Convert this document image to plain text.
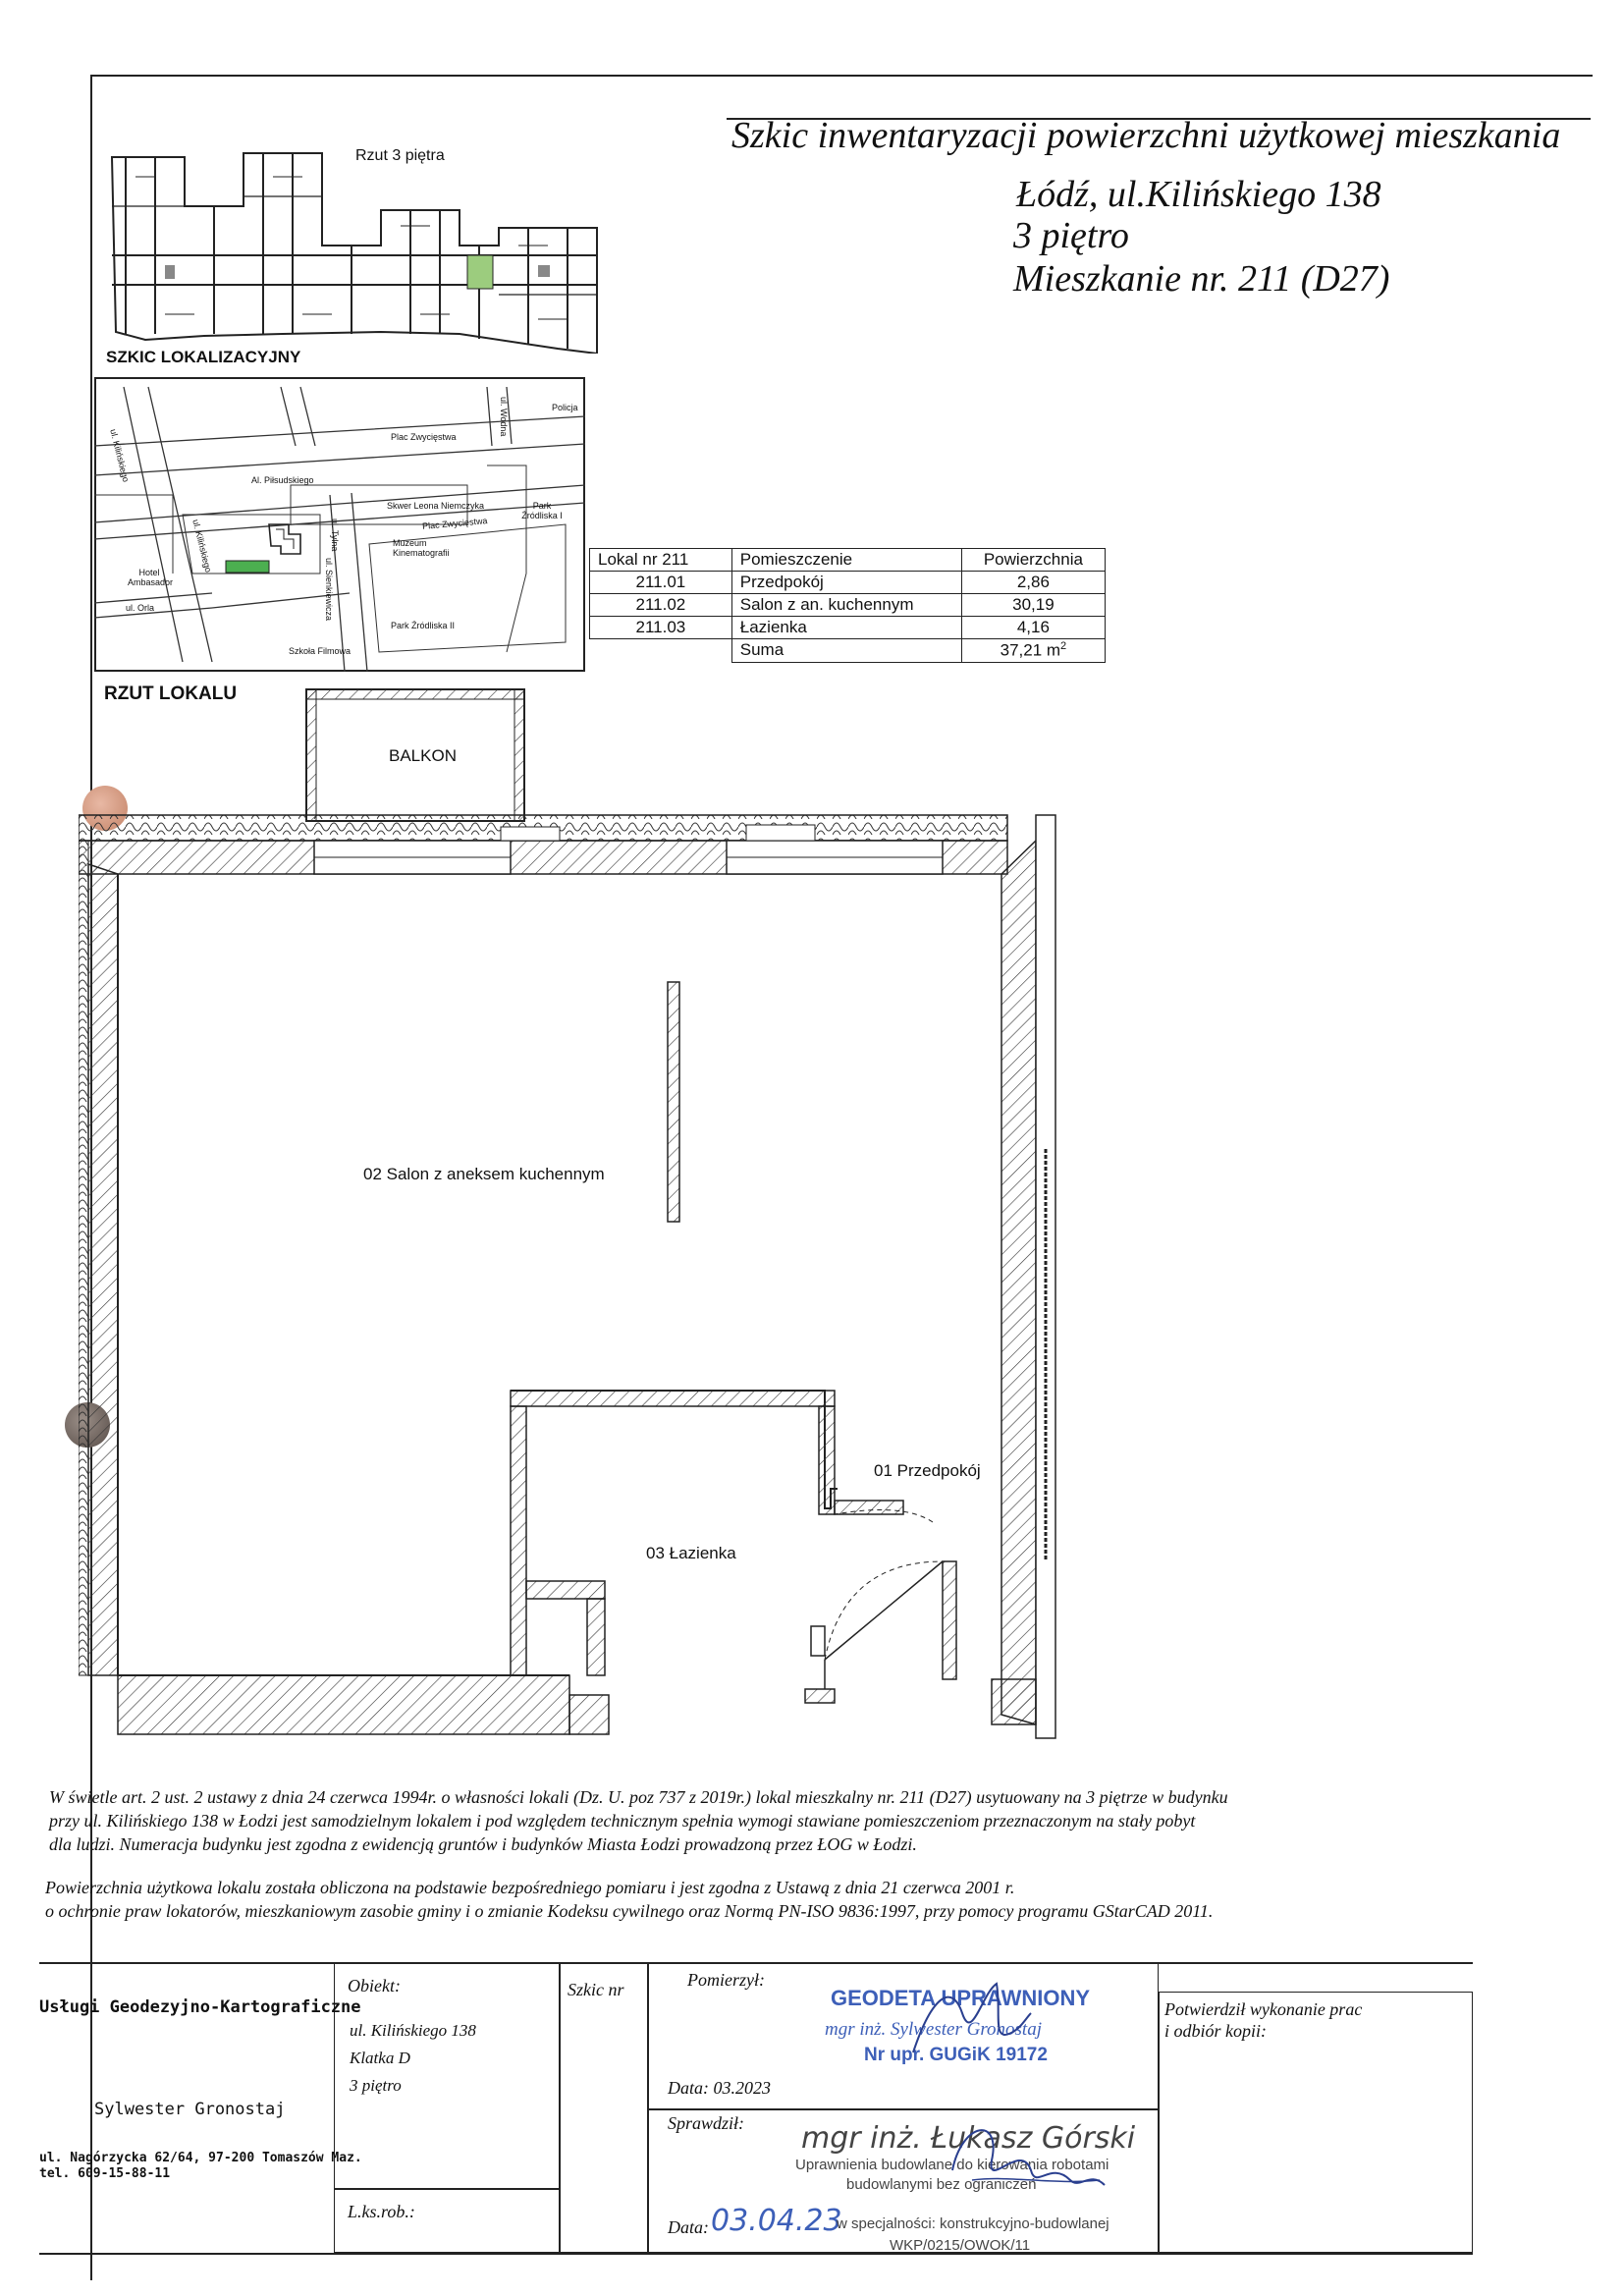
Szkic inwentaryzacji powierzchni użytkowej mieszkania
Łódź, ul.Kilińskiego 138
3 piętro
Mieszkanie nr. 211 (D27)
Rzut 3 piętra
SZKIC LOKALIZACYJNY
ul. Kilińskiego	Plac Zwycięstwa
ul. Wodna	Policja
Al. Piłsudskiego
Skwer Leona Niemczyka	Park Źródliska I
Plac Zwycięstwa
ul. Kilińskiego	ul. Tylna	Muzeum Kinematografii
Hotel Ambasador
ul. Orla	ul. Sienkiewicza
Szkoła Filmowa
Park Źródliska II
Lokal nr 211	Pomieszczenie	Powierzchnia
211.01	Przedpokój	2,86
211.02	Salon z an. kuchennym	30,19
211.03	Łazienka	4,16
	Suma	37,21 $m^2$
RZUT LOKALU
BALKON
02 Salon z aneksem kuchennym
01 Przedpokój
03 Łazienka

W świetle art. 2 ust. 2 ustawy z dnia 24 czerwca 1994r. o własności lokali (Dz. U. poz 737 z 2019r.) lokal mieszkalny nr. 211 (D27) usytuowany na 3 piętrze w budynku

przy ul. Kilińskiego 138 w Łodzi jest samodzielnym lokalem i pod względem technicznym spełnia wymogi stawiane pomieszczeniom przeznaczonym na stały pobyt

dla ludzi. Numeracja budynku jest zgodna z ewidencją gruntów i budynków Miasta Łodzi prowadzoną przez ŁOG w Łodzi.

Powierzchnia użytkowa lokalu została obliczona na podstawie bezpośredniego pomiaru i jest zgodna z Ustawą z dnia 21 czerwca 2001 r.

o ochronie praw lokatorów, mieszkaniowym zasobie gminy i o zmianie Kodeksu cywilnego oraz Normą PN-ISO 9836:1997, przy pomocy programu GStarCAD 2011.

Usługi Geodezyjno-Kartograficzne
Sylwester Gronostaj
ul. Nagórzycka 62/64, 97-200 Tomaszów Maz.
tel. 609-15-88-11
Obiekt:
ul. Kilińskiego 138
Klatka D
3 piętro
L.ks.rob.:
Szkic nr	Pomierzył:
Data: 03.2023
Sprawdził:
Data: 03.04.23
Potwierdził wykonanie prac
i odbiór kopii:
GEODETA UPRAWNIONY
mgr inż. Sylwester Gronostaj
Nr upr. GUGiK 19172
mgr inż. Łukasz Górski
Uprawnienia budowlane do kierowania robotami
budowlanymi bez ograniczeń
w specjalności: konstrukcyjno-budowlanej
WKP/0215/OWOK/11
